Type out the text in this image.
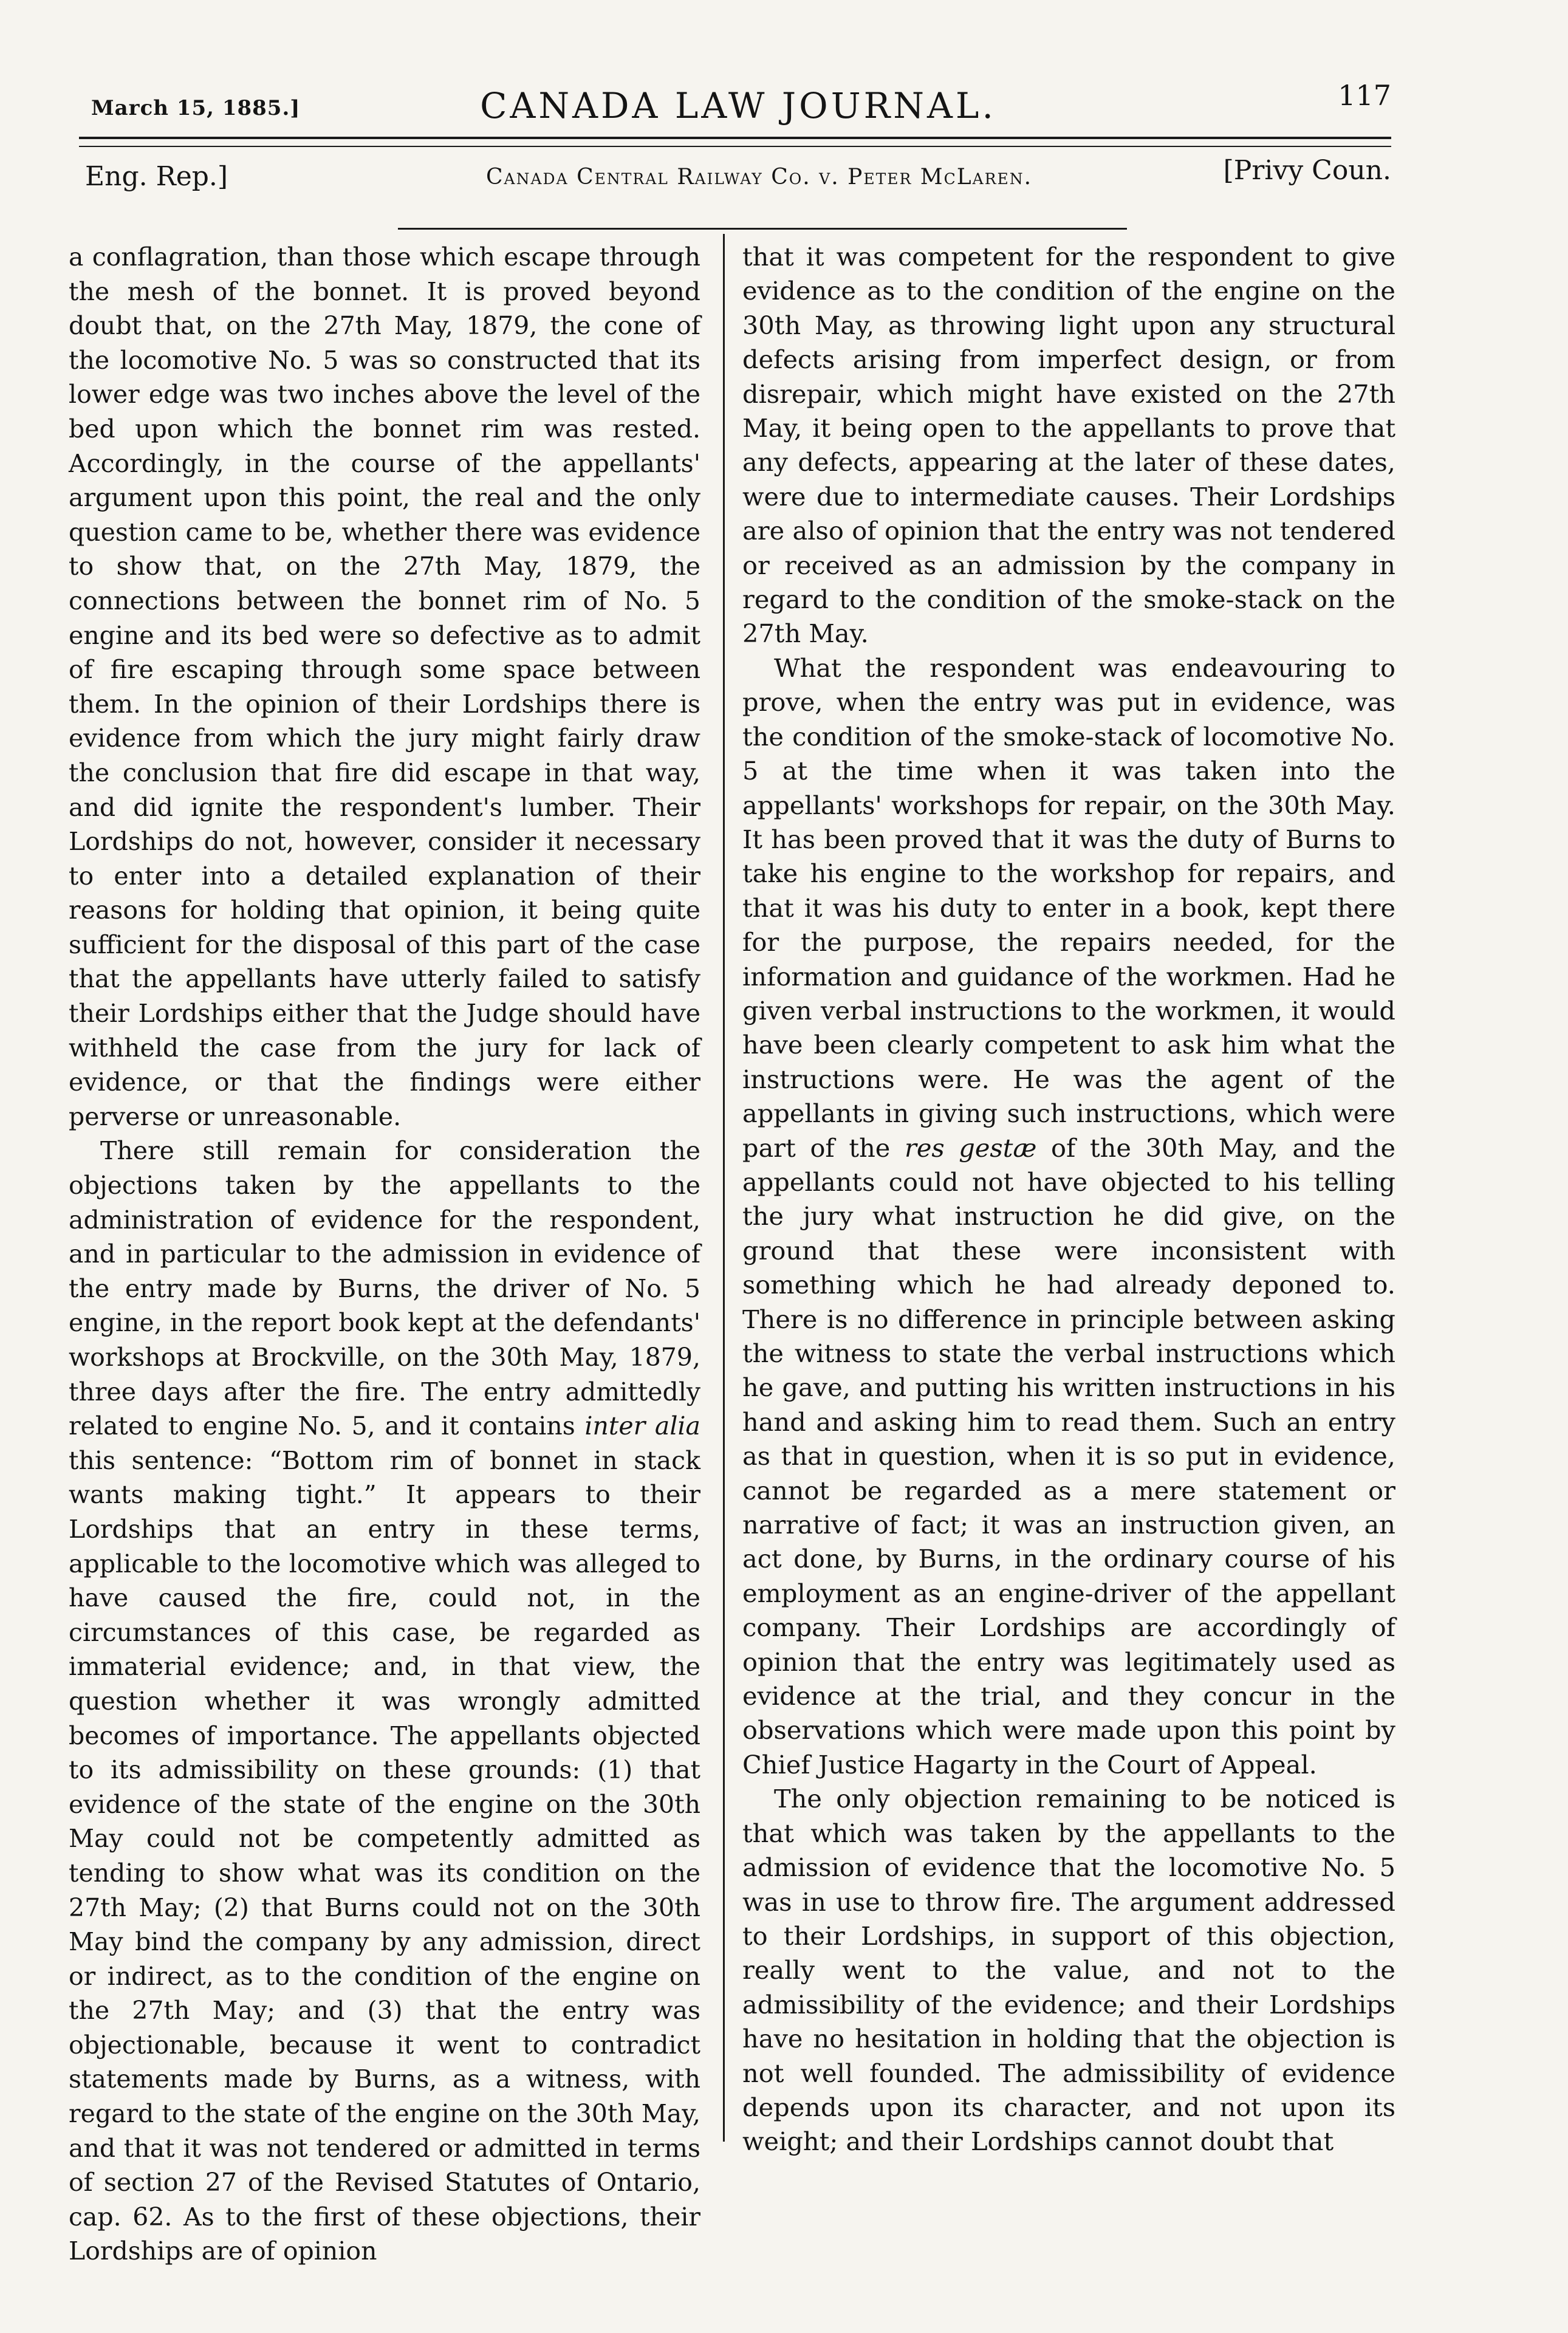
March 15, 1885.]	CANADA LAW JOURNAL.	117
Eng. Rep.]	Canada Central Railway Co. v. Peter McLaren.	[Privy Coun.

a conflagration, than those which escape through the mesh of the bonnet. It is proved beyond doubt that, on the 27th May, 1879, the cone of the locomotive No. 5 was so constructed that its lower edge was two inches above the level of the bed upon which the bonnet rim was rested. Accordingly, in the course of the appellants' argument upon this point, the real and the only question came to be, whether there was evidence to show that, on the 27th May, 1879, the connections between the bonnet rim of No. 5 engine and its bed were so defective as to admit of fire escaping through some space between them. In the opinion of their Lordships there is evidence from which the jury might fairly draw the conclusion that fire did escape in that way, and did ignite the respondent's lumber. Their Lordships do not, however, consider it necessary to enter into a detailed explanation of their reasons for holding that opinion, it being quite sufficient for the disposal of this part of the case that the appellants have utterly failed to satisfy their Lordships either that the Judge should have withheld the case from the jury for lack of evidence, or that the findings were either perverse or unreasonable.

There still remain for consideration the objections taken by the appellants to the administration of evidence for the respondent, and in particular to the admission in evidence of the entry made by Burns, the driver of No. 5 engine, in the report book kept at the defendants' workshops at Brockville, on the 30th May, 1879, three days after the fire. The entry admittedly related to engine No. 5, and it contains inter alia this sentence: “Bottom rim of bonnet in stack wants making tight.” It appears to their Lordships that an entry in these terms, applicable to the locomotive which was alleged to have caused the fire, could not, in the circumstances of this case, be regarded as immaterial evidence; and, in that view, the question whether it was wrongly admitted becomes of importance. The appellants objected to its admissibility on these grounds: (1) that evidence of the state of the engine on the 30th May could not be competently admitted as tending to show what was its condition on the 27th May; (2) that Burns could not on the 30th May bind the company by any admission, direct or indirect, as to the condition of the engine on the 27th May; and (3) that the entry was objectionable, because it went to contradict statements made by Burns, as a witness, with regard to the state of the engine on the 30th May, and that it was not tendered or admitted in terms of section 27 of the Revised Statutes of Ontario, cap. 62. As to the first of these objections, their Lordships are of opinion

that it was competent for the respondent to give evidence as to the condition of the engine on the 30th May, as throwing light upon any structural defects arising from imperfect design, or from disrepair, which might have existed on the 27th May, it being open to the appellants to prove that any defects, appearing at the later of these dates, were due to intermediate causes. Their Lordships are also of opinion that the entry was not tendered or received as an admission by the company in regard to the condition of the smoke-stack on the 27th May.

What the respondent was endeavouring to prove, when the entry was put in evidence, was the condition of the smoke-stack of locomotive No. 5 at the time when it was taken into the appellants' workshops for repair, on the 30th May. It has been proved that it was the duty of Burns to take his engine to the workshop for repairs, and that it was his duty to enter in a book, kept there for the purpose, the repairs needed, for the information and guidance of the workmen. Had he given verbal instructions to the workmen, it would have been clearly competent to ask him what the instructions were. He was the agent of the appellants in giving such instructions, which were part of the res gestæ of the 30th May, and the appellants could not have objected to his telling the jury what instruction he did give, on the ground that these were inconsistent with something which he had already deponed to. There is no difference in principle between asking the witness to state the verbal instructions which he gave, and putting his written instructions in his hand and asking him to read them. Such an entry as that in question, when it is so put in evidence, cannot be regarded as a mere statement or narrative of fact; it was an instruction given, an act done, by Burns, in the ordinary course of his employment as an engine-driver of the appellant company. Their Lordships are accordingly of opinion that the entry was legitimately used as evidence at the trial, and they concur in the observations which were made upon this point by Chief Justice Hagarty in the Court of Appeal.

The only objection remaining to be noticed is that which was taken by the appellants to the admission of evidence that the locomotive No. 5 was in use to throw fire. The argument addressed to their Lordships, in support of this objection, really went to the value, and not to the admissibility of the evidence; and their Lordships have no hesitation in holding that the objection is not well founded. The admissibility of evidence depends upon its character, and not upon its weight; and their Lordships cannot doubt that
